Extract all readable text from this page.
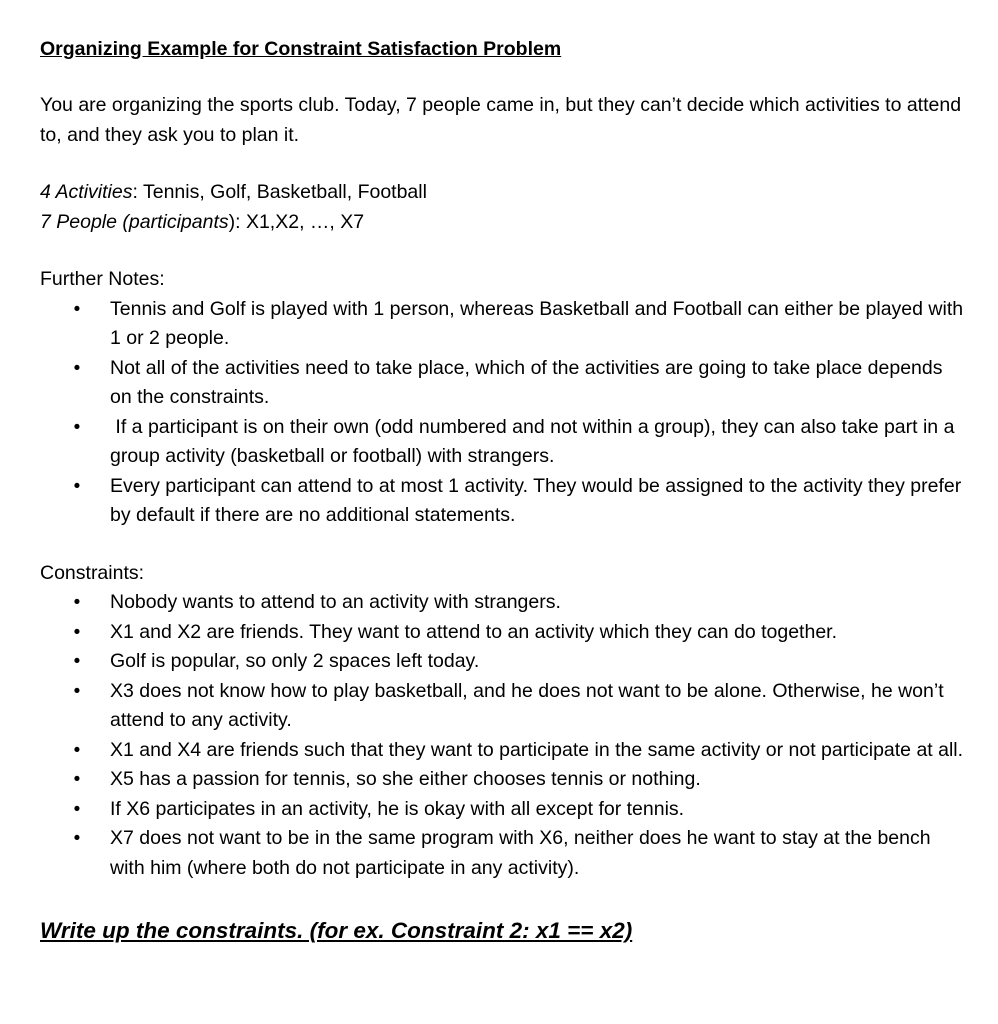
Organizing Example for Constraint Satisfaction Problem

You are organizing the sports club. Today, 7 people came in, but they can’t decide which activities to attend to, and they ask you to plan it.

4 Activities: Tennis, Golf, Basketball, Football
7 People (participants): X1,X2, …, X7
Further Notes:
• Tennis and Golf is played with 1 person, whereas Basketball and Football can either be played with 1 or 2 people.
• Not all of the activities need to take place, which of the activities are going to take place depends on the constraints.
• If a participant is on their own (odd numbered and not within a group), they can also take part in a group activity (basketball or football) with strangers.
• Every participant can attend to at most 1 activity. They would be assigned to the activity they prefer by default if there are no additional statements.
Constraints:
• Nobody wants to attend to an activity with strangers.
• X1 and X2 are friends. They want to attend to an activity which they can do together.
• Golf is popular, so only 2 spaces left today.
• X3 does not know how to play basketball, and he does not want to be alone. Otherwise, he won’t attend to any activity.
• X1 and X4 are friends such that they want to participate in the same activity or not participate at all.
• X5 has a passion for tennis, so she either chooses tennis or nothing.
• If X6 participates in an activity, he is okay with all except for tennis.
• X7 does not want to be in the same program with X6, neither does he want to stay at the bench with him (where both do not participate in any activity).

Write up the constraints. (for ex. Constraint 2: x1 == x2)
